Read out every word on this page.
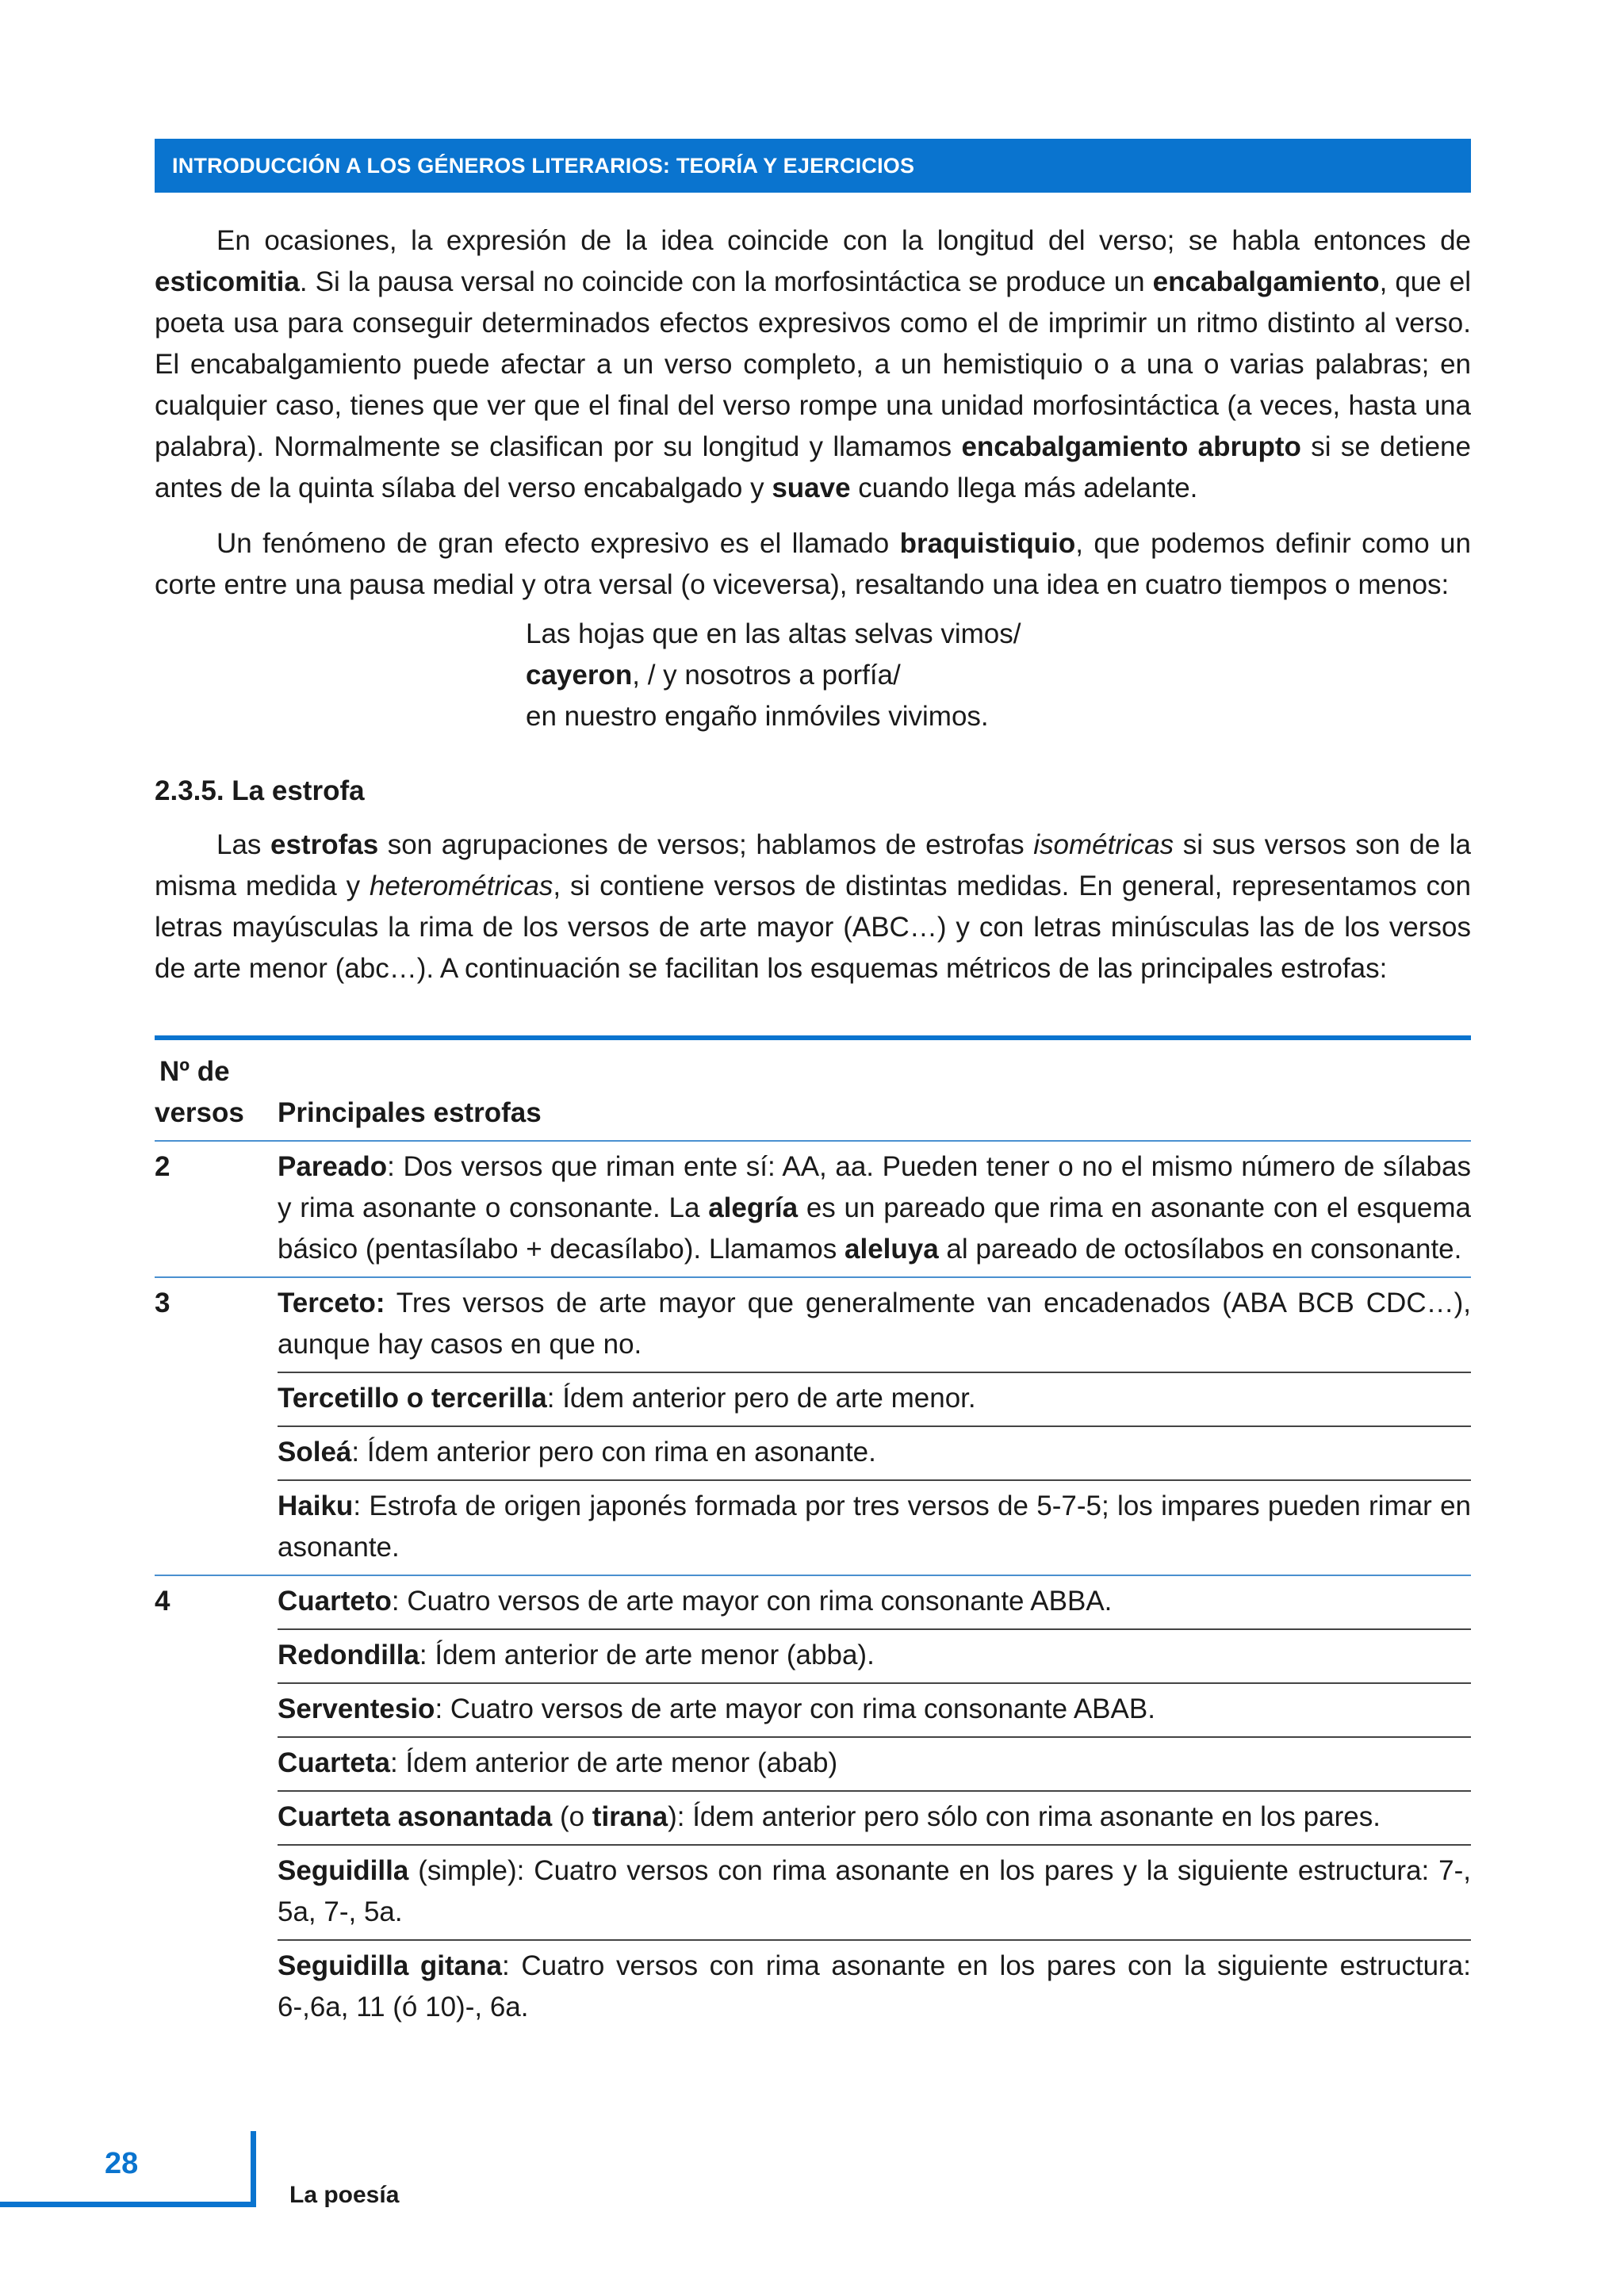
INTRODUCCIÓN A LOS GÉNEROS LITERARIOS: TEORÍA Y EJERCICIOS

En ocasiones, la expresión de la idea coincide con la longitud del verso; se habla entonces de esticomitia. Si la pausa versal no coincide con la morfosintáctica se produce un encabalgamiento, que el poeta usa para conseguir determinados efectos expresivos como el de imprimir un ritmo distinto al verso. El encabalgamiento puede afectar a un verso completo, a un hemistiquio o a una o varias palabras; en cualquier caso, tienes que ver que el final del verso rompe una unidad morfosintáctica (a veces, hasta una palabra). Normalmente se clasifican por su longitud y llamamos encabalgamiento abrupto si se detiene antes de la quinta sílaba del verso encabalgado y suave cuando llega más adelante.

Un fenómeno de gran efecto expresivo es el llamado braquistiquio, que podemos definir como un corte entre una pausa medial y otra versal (o viceversa), resaltando una idea en cuatro tiempos o menos:

Las hojas que en las altas selvas vimos/
cayeron, / y nosotros a porfía/
en nuestro engaño inmóviles vivimos.
2.3.5. La estrofa

Las estrofas son agrupaciones de versos; hablamos de estrofas isométricas si sus versos son de la misma medida y heterométricas, si contiene versos de distintas medidas. En general, representamos con letras mayúsculas la rima de los versos de arte mayor (ABC…) y con letras minúsculas las de los versos de arte menor (abc…). A continuación se facilitan los esquemas métricos de las principales estrofas:

Nº de
versos	Principales estrofas
2	Pareado: Dos versos que riman ente sí: AA, aa. Pueden tener o no el mismo número de sílabas y rima asonante o consonante. La alegría es un pareado que rima en asonante con el esquema básico (pentasílabo + decasílabo). Llamamos aleluya al pareado de octosílabos en consonante.
3	Terceto: Tres versos de arte mayor que generalmente van encadenados (ABA BCB CDC…), aunque hay casos en que no.
Tercetillo o tercerilla: Ídem anterior pero de arte menor.
Soleá: Ídem anterior pero con rima en asonante.
Haiku: Estrofa de origen japonés formada por tres versos de 5-7-5; los impares pueden rimar en asonante.
4	Cuarteto: Cuatro versos de arte mayor con rima consonante ABBA.
Redondilla: Ídem anterior de arte menor (abba).
Serventesio: Cuatro versos de arte mayor con rima consonante ABAB.
Cuarteta: Ídem anterior de arte menor (abab)
Cuarteta asonantada (o tirana): Ídem anterior pero sólo con rima asonante en los pares.
Seguidilla (simple): Cuatro versos con rima asonante en los pares y la siguiente estructura: 7-, 5a, 7-, 5a.
Seguidilla gitana: Cuatro versos con rima asonante en los pares con la siguiente estructura: 6-,6a, 11 (ó 10)-, 6a.
28
La poesía
